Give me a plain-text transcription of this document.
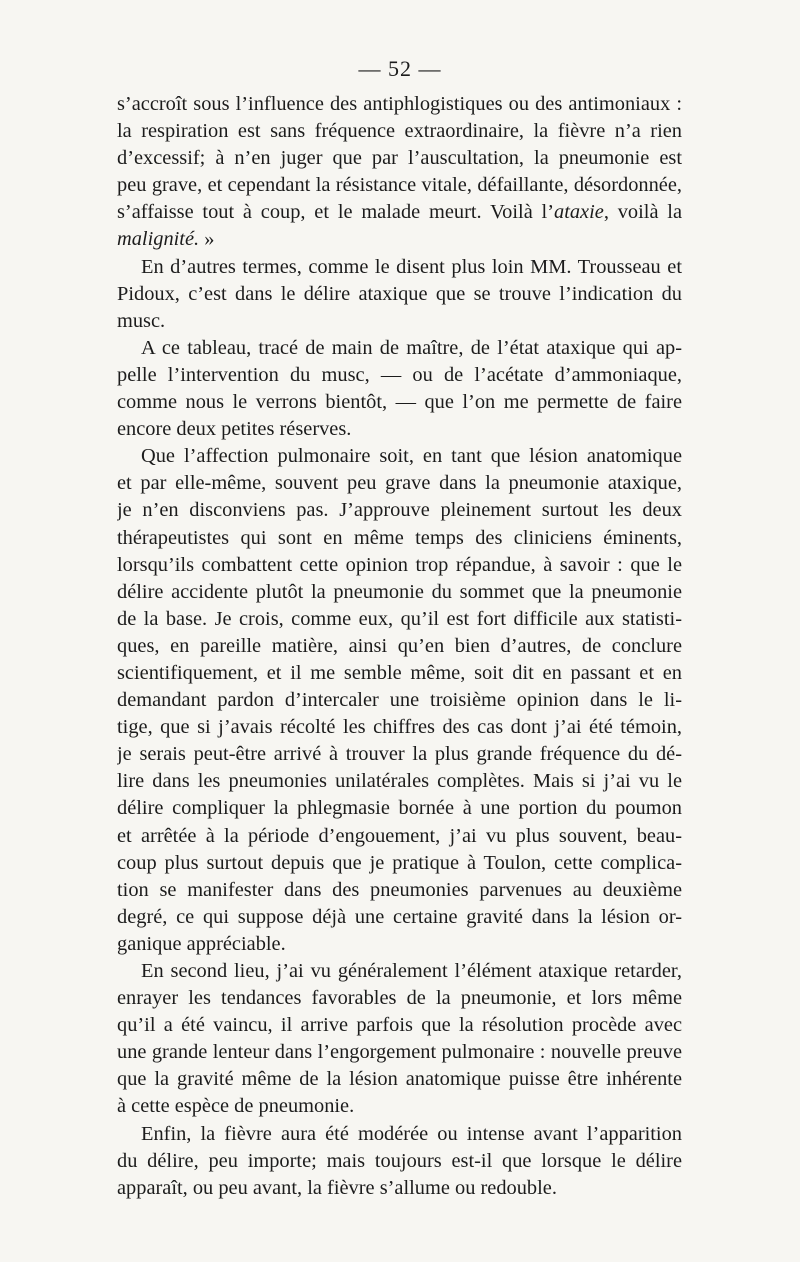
— 52 —
s’accroît sous l’influence des antiphlogistiques ou des antimoniaux :
la respiration est sans fréquence extraordinaire, la fièvre n’a rien
d’excessif; à n’en juger que par l’auscultation, la pneumonie est
peu grave, et cependant la résistance vitale, défaillante, désordonnée,
s’affaisse tout à coup, et le malade meurt. Voilà l’ataxie, voilà la
malignité. »
En d’autres termes, comme le disent plus loin MM. Trousseau et
Pidoux, c’est dans le délire ataxique que se trouve l’indication du
musc.
A ce tableau, tracé de main de maître, de l’état ataxique qui ap-
pelle l’intervention du musc, — ou de l’acétate d’ammoniaque,
comme nous le verrons bientôt, — que l’on me permette de faire
encore deux petites réserves.
Que l’affection pulmonaire soit, en tant que lésion anatomique
et par elle-même, souvent peu grave dans la pneumonie ataxique,
je n’en disconviens pas. J’approuve pleinement surtout les deux
thérapeutistes qui sont en même temps des cliniciens éminents,
lorsqu’ils combattent cette opinion trop répandue, à savoir : que le
délire accidente plutôt la pneumonie du sommet que la pneumonie
de la base. Je crois, comme eux, qu’il est fort difficile aux statisti-
ques, en pareille matière, ainsi qu’en bien d’autres, de conclure
scientifiquement, et il me semble même, soit dit en passant et en
demandant pardon d’intercaler une troisième opinion dans le li-
tige, que si j’avais récolté les chiffres des cas dont j’ai été témoin,
je serais peut-être arrivé à trouver la plus grande fréquence du dé-
lire dans les pneumonies unilatérales complètes. Mais si j’ai vu le
délire compliquer la phlegmasie bornée à une portion du poumon
et arrêtée à la période d’engouement, j’ai vu plus souvent, beau-
coup plus surtout depuis que je pratique à Toulon, cette complica-
tion se manifester dans des pneumonies parvenues au deuxième
degré, ce qui suppose déjà une certaine gravité dans la lésion or-
ganique appréciable.
En second lieu, j’ai vu généralement l’élément ataxique retarder,
enrayer les tendances favorables de la pneumonie, et lors même
qu’il a été vaincu, il arrive parfois que la résolution procède avec
une grande lenteur dans l’engorgement pulmonaire : nouvelle preuve
que la gravité même de la lésion anatomique puisse être inhérente
à cette espèce de pneumonie.
Enfin, la fièvre aura été modérée ou intense avant l’apparition
du délire, peu importe; mais toujours est-il que lorsque le délire
apparaît, ou peu avant, la fièvre s’allume ou redouble.
